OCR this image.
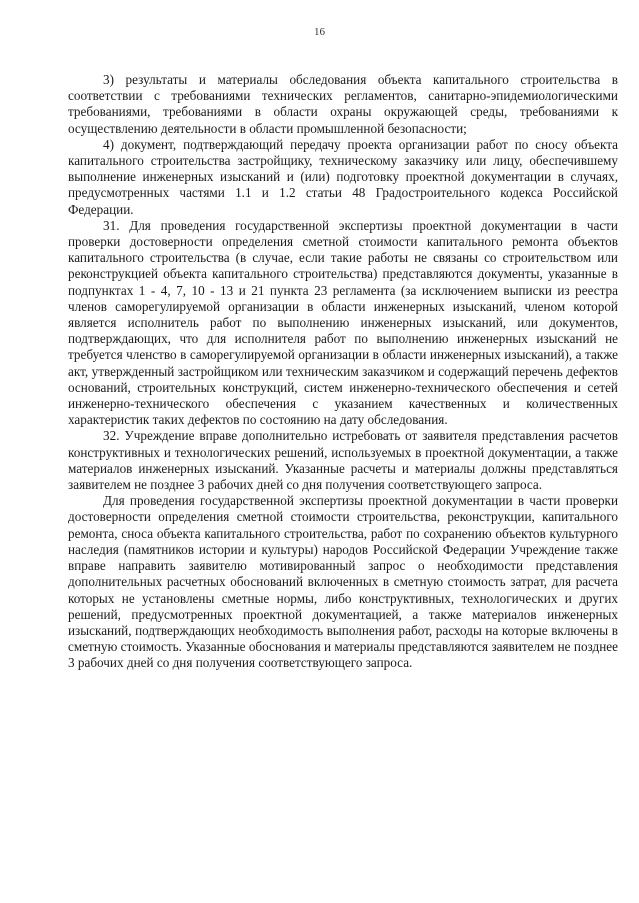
16

3) результаты и материалы обследования объекта капитального строительства в соответствии с требованиями технических регламентов, санитарно-эпидемиологическими требованиями, требованиями в области охраны окружающей среды, требованиями к осуществлению деятельности в области промышленной безопасности;

4) документ, подтверждающий передачу проекта организации работ по сносу объекта капитального строительства застройщику, техническому заказчику или лицу, обеспечившему выполнение инженерных изысканий и (или) подготовку проектной документации в случаях, предусмотренных частями 1.1 и 1.2 статьи 48 Градостроительного кодекса Российской Федерации.

31. Для проведения государственной экспертизы проектной документации в части проверки достоверности определения сметной стоимости капитального ремонта объектов капитального строительства (в случае, если такие работы не связаны со строительством или реконструкцией объекта капитального строительства) представляются документы, указанные в подпунктах 1 - 4, 7, 10 - 13 и 21 пункта 23 регламента (за исключением выписки из реестра членов саморегулируемой организации в области инженерных изысканий, членом которой является исполнитель работ по выполнению инженерных изысканий, или документов, подтверждающих, что для исполнителя работ по выполнению инженерных изысканий не требуется членство в саморегулируемой организации в области инженерных изысканий), а также акт, утвержденный застройщиком или техническим заказчиком и содержащий перечень дефектов оснований, строительных конструкций, систем инженерно-технического обеспечения и сетей инженерно-технического обеспечения с указанием качественных и количественных характеристик таких дефектов по состоянию на дату обследования.

32. Учреждение вправе дополнительно истребовать от заявителя представления расчетов конструктивных и технологических решений, используемых в проектной документации, а также материалов инженерных изысканий. Указанные расчеты и материалы должны представляться заявителем не позднее 3 рабочих дней со дня получения соответствующего запроса.

Для проведения государственной экспертизы проектной документации в части проверки достоверности определения сметной стоимости строительства, реконструкции, капитального ремонта, сноса объекта капитального строительства, работ по сохранению объектов культурного наследия (памятников истории и культуры) народов Российской Федерации Учреждение также вправе направить заявителю мотивированный запрос о необходимости представления дополнительных расчетных обоснований включенных в сметную стоимость затрат, для расчета которых не установлены сметные нормы, либо конструктивных, технологических и других решений, предусмотренных проектной документацией, а также материалов инженерных изысканий, подтверждающих необходимость выполнения работ, расходы на которые включены в сметную стоимость. Указанные обоснования и материалы представляются заявителем не позднее 3 рабочих дней со дня получения соответствующего запроса.
